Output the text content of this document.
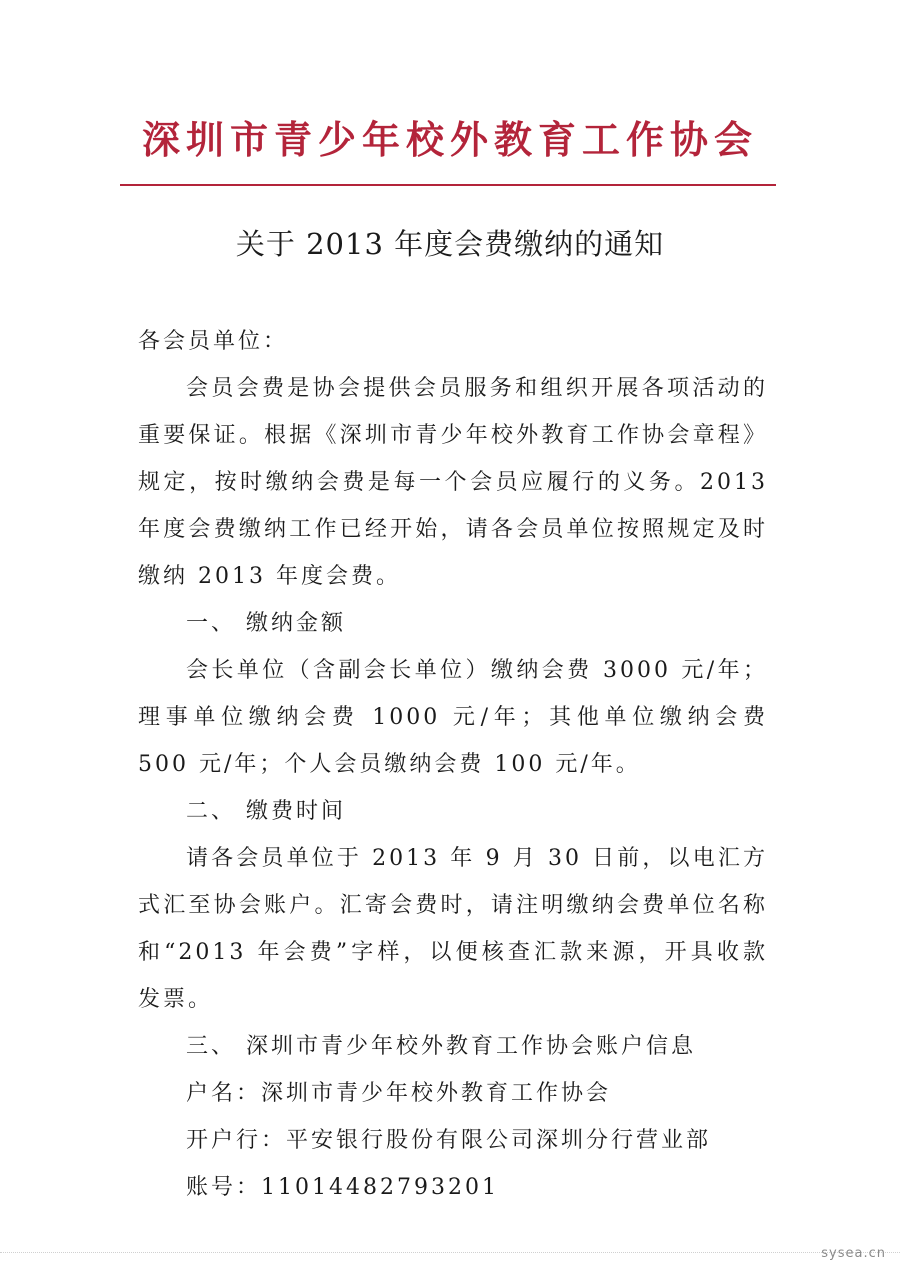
深圳市青少年校外教育工作协会
关于 2013 年度会费缴纳的通知

各会员单位：

会员会费是协会提供会员服务和组织开展各项活动的重要保证。根据《深圳市青少年校外教育工作协会章程》规定，按时缴纳会费是每一个会员应履行的义务。2013 年度会费缴纳工作已经开始，请各会员单位按照规定及时缴纳 2013 年度会费。

一、 缴纳金额

会长单位（含副会长单位）缴纳会费 3000 元/年；理事单位缴纳会费 1000 元/年；其他单位缴纳会费 500 元/年；个人会员缴纳会费 100 元/年。

二、 缴费时间

请各会员单位于 2013 年 9 月 30 日前，以电汇方式汇至协会账户。汇寄会费时，请注明缴纳会费单位名称和“2013 年会费”字样，以便核查汇款来源，开具收款发票。

三、 深圳市青少年校外教育工作协会账户信息

户名：深圳市青少年校外教育工作协会

开户行：平安银行股份有限公司深圳分行营业部

账号：11014482793201

sysea.cn
